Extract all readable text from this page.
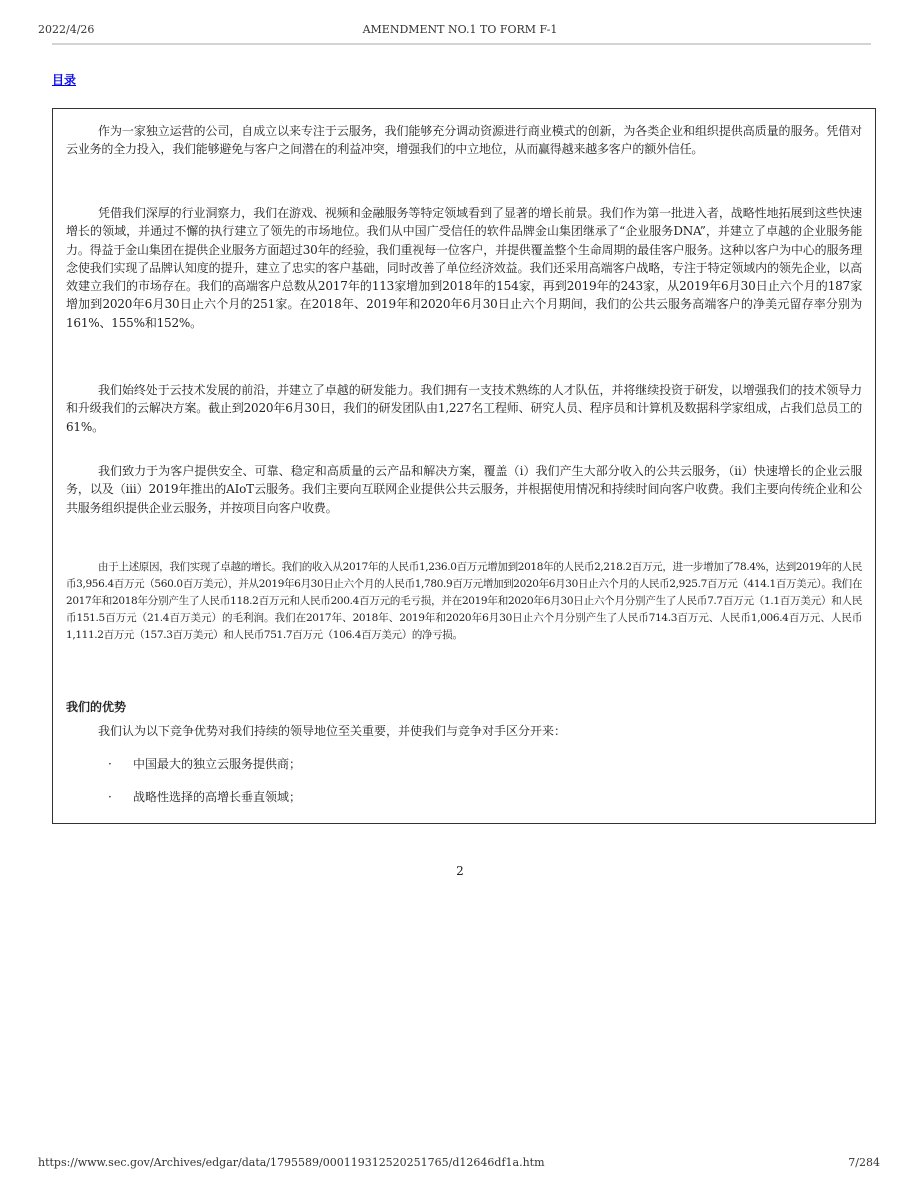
2022/4/26	AMENDMENT NO.1 TO FORM F-1
目录

作为一家独立运营的公司，自成立以来专注于云服务，我们能够充分调动资源进行商业模式的创新，为各类企业和组织提供高质量的服务。凭借对云业务的全力投入，我们能够避免与客户之间潜在的利益冲突，增强我们的中立地位，从而赢得越来越多客户的额外信任。

凭借我们深厚的行业洞察力，我们在游戏、视频和金融服务等特定领域看到了显著的增长前景。我们作为第一批进入者，战略性地拓展到这些快速增长的领域，并通过不懈的执行建立了领先的市场地位。我们从中国广受信任的软件品牌金山集团继承了“企业服务DNA”，并建立了卓越的企业服务能力。得益于金山集团在提供企业服务方面超过30年的经验，我们重视每一位客户，并提供覆盖整个生命周期的最佳客户服务。这种以客户为中心的服务理念使我们实现了品牌认知度的提升，建立了忠实的客户基础，同时改善了单位经济效益。我们还采用高端客户战略，专注于特定领域内的领先企业，以高效建立我们的市场存在。我们的高端客户总数从2017年的113家增加到2018年的154家，再到2019年的243家，从2019年6月30日止六个月的187家增加到2020年6月30日止六个月的251家。在2018年、2019年和2020年6月30日止六个月期间，我们的公共云服务高端客户的净美元留存率分别为161%、155%和152%。

我们始终处于云技术发展的前沿，并建立了卓越的研发能力。我们拥有一支技术熟练的人才队伍，并将继续投资于研发，以增强我们的技术领导力和升级我们的云解决方案。截止到2020年6月30日，我们的研发团队由1,227名工程师、研究人员、程序员和计算机及数据科学家组成，占我们总员工的61%。

我们致力于为客户提供安全、可靠、稳定和高质量的云产品和解决方案，覆盖（i）我们产生大部分收入的公共云服务，（ii）快速增长的企业云服务，以及（iii）2019年推出的AIoT云服务。我们主要向互联网企业提供公共云服务，并根据使用情况和持续时间向客户收费。我们主要向传统企业和公共服务组织提供企业云服务，并按项目向客户收费。

由于上述原因，我们实现了卓越的增长。我们的收入从2017年的人民币1,236.0百万元增加到2018年的人民币2,218.2百万元，进一步增加了78.4%，达到2019年的人民币3,956.4百万元（560.0百万美元），并从2019年6月30日止六个月的人民币1,780.9百万元增加到2020年6月30日止六个月的人民币2,925.7百万元（414.1百万美元）。我们在2017年和2018年分别产生了人民币118.2百万元和人民币200.4百万元的毛亏损，并在2019年和2020年6月30日止六个月分别产生了人民币7.7百万元（1.1百万美元）和人民币151.5百万元（21.4百万美元）的毛利润。我们在2017年、2018年、2019年和2020年6月30日止六个月分别产生了人民币714.3百万元、人民币1,006.4百万元、人民币1,111.2百万元（157.3百万美元）和人民币751.7百万元（106.4百万美元）的净亏损。

我们的优势
我们认为以下竞争优势对我们持续的领导地位至关重要，并使我们与竞争对手区分开来：
· 中国最大的独立云服务提供商；
· 战略性选择的高增长垂直领域；
2
https://www.sec.gov/Archives/edgar/data/1795589/000119312520251765/d12646df1a.htm	7/284
